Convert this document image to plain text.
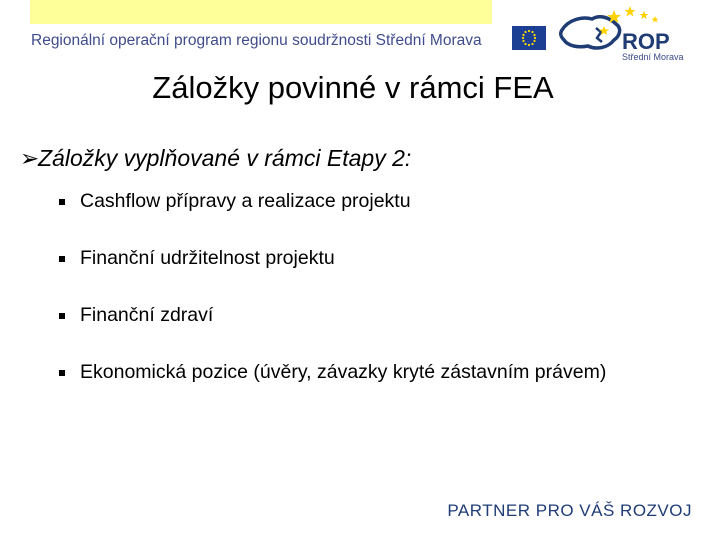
Regionální operační program regionu soudržnosti Střední Morava	ROP
Střední Morava
Záložky povinné v rámci FEA
➢Záložky vyplňované v rámci Etapy 2:
Cashflow přípravy a realizace projektu
Finanční udržitelnost projektu
Finanční zdraví
Ekonomická pozice (úvěry, závazky kryté zástavním právem)
PARTNER PRO VÁŠ ROZVOJ
